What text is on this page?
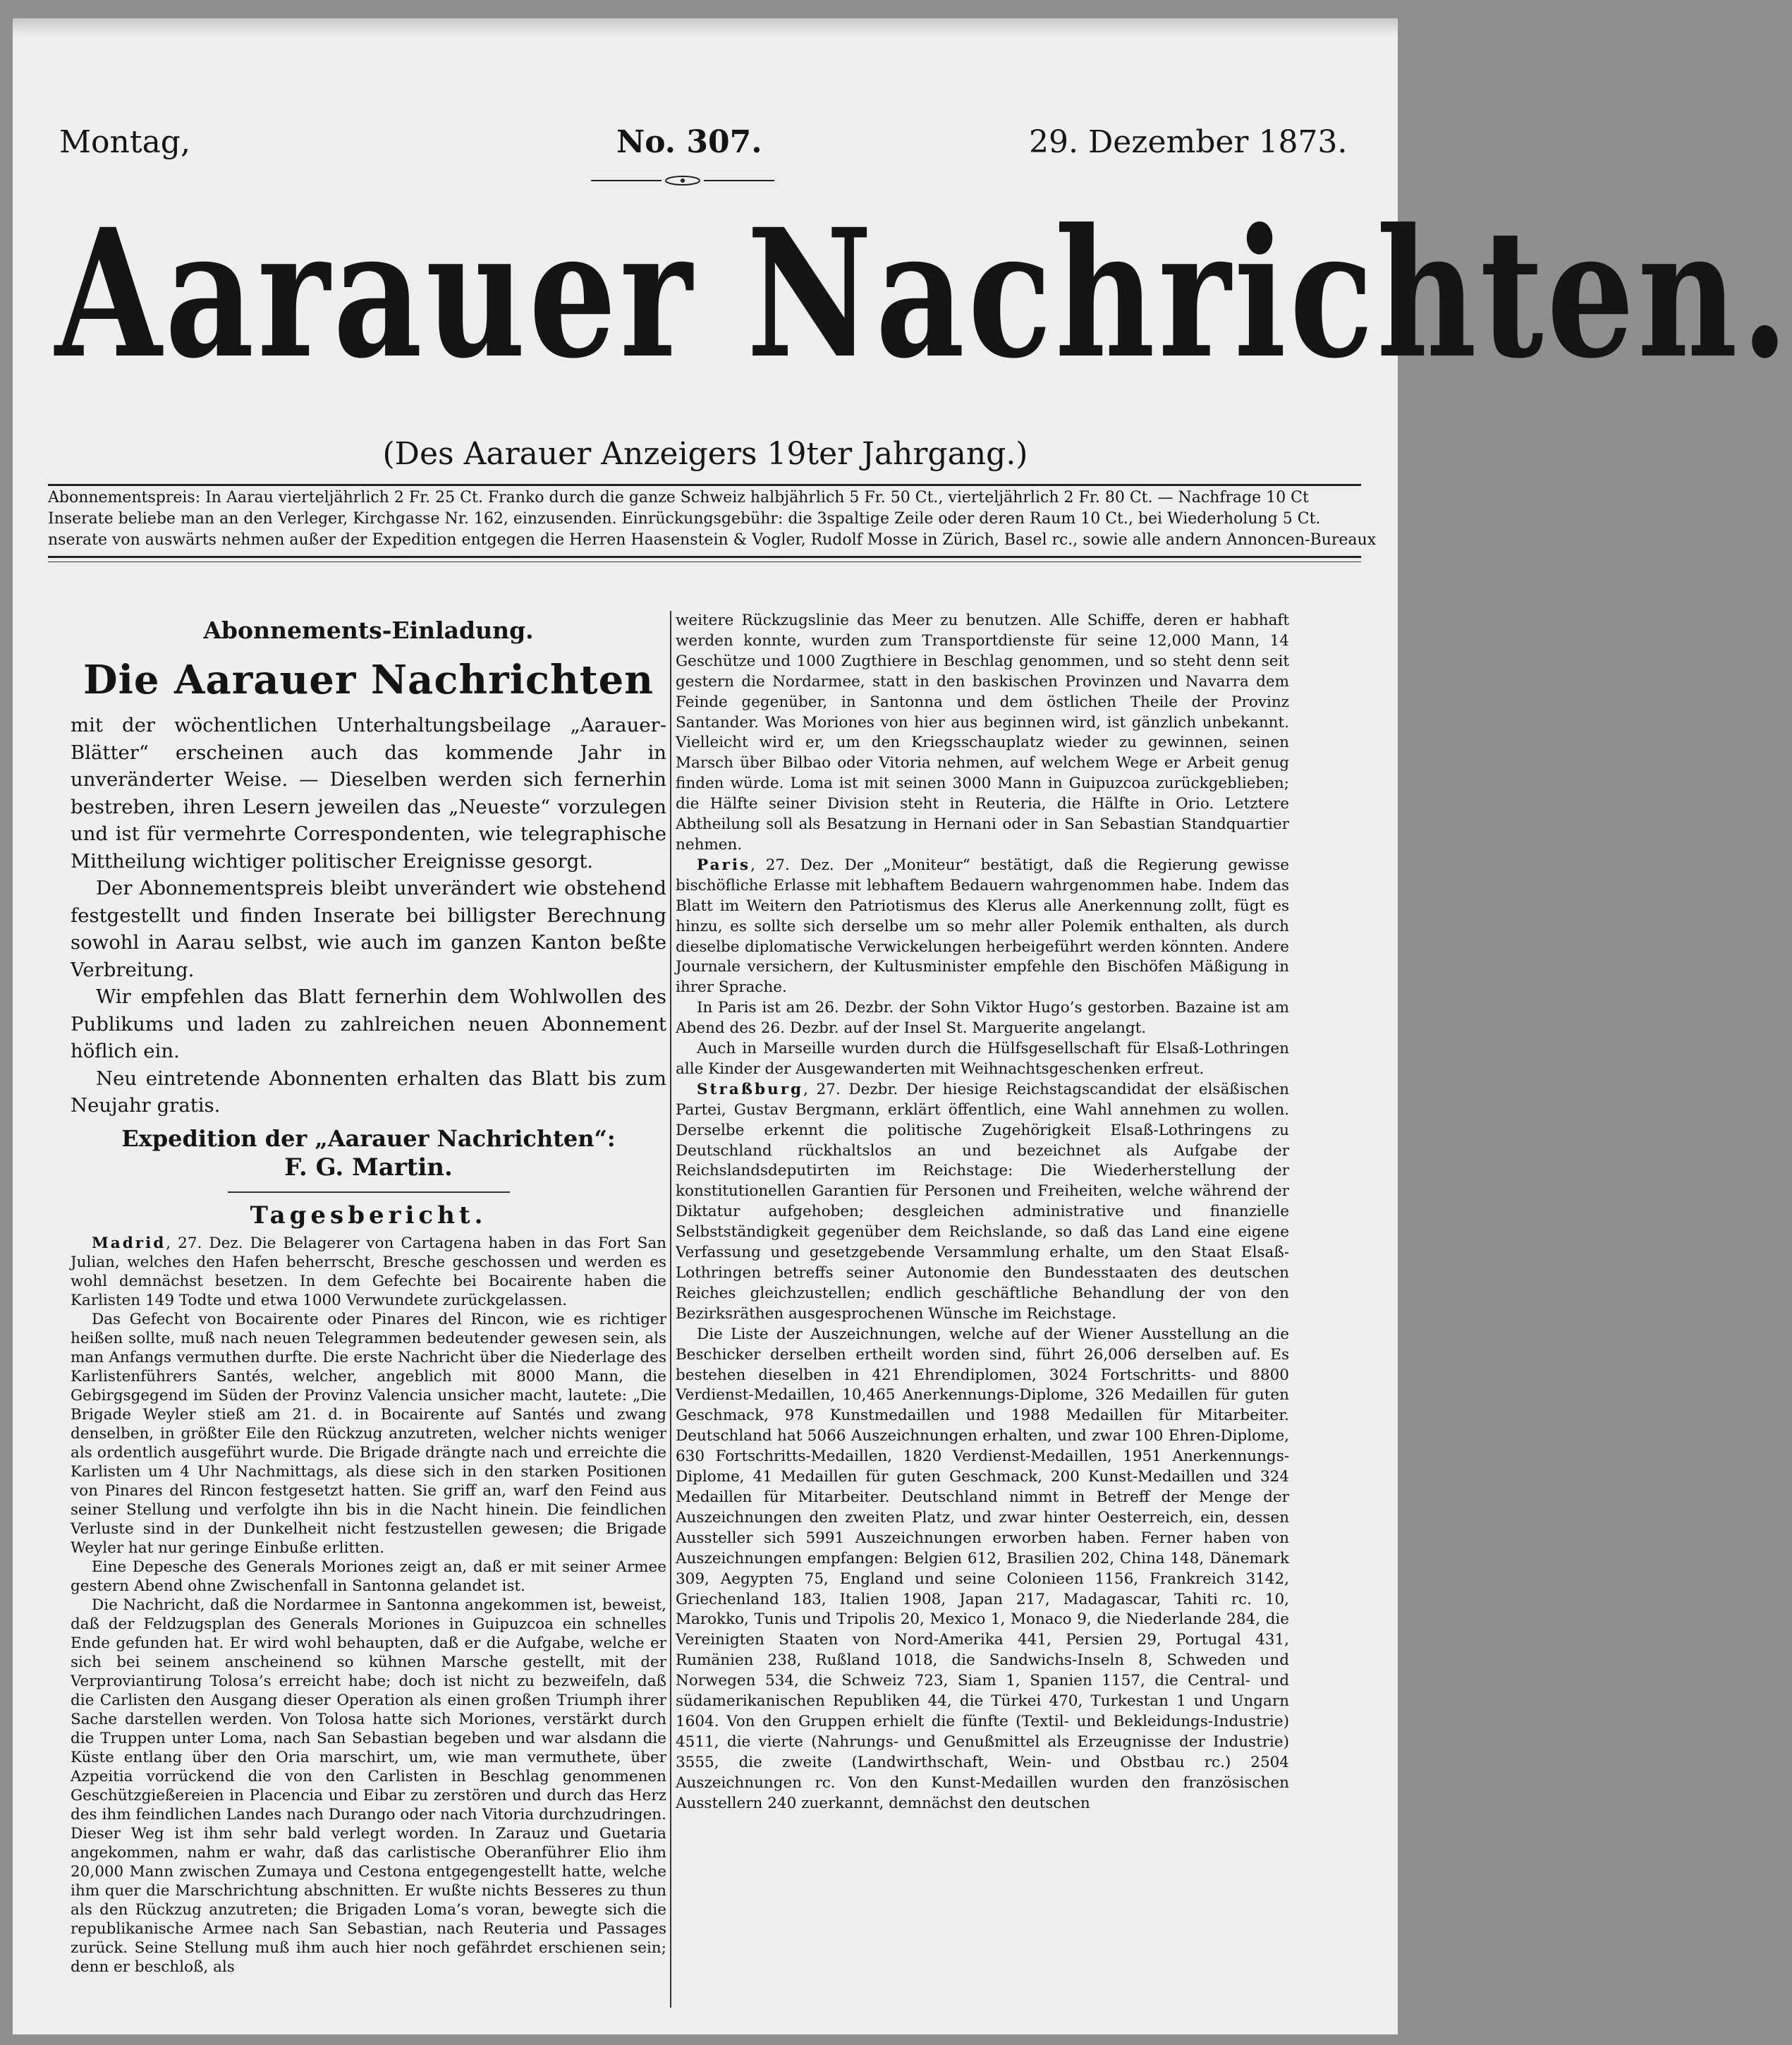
Montag,	No. 307.	29. Dezember 1873.
Aarauer Nachrichten.
(Des Aarauer Anzeigers 19ter Jahrgang.)
Abonnementspreis: In Aarau vierteljährlich 2 Fr. 25 Ct. Franko durch die ganze Schweiz halbjährlich 5 Fr. 50 Ct., vierteljährlich 2 Fr. 80 Ct. — Nachfrage 10 Ct
Inserate beliebe man an den Verleger, Kirchgasse Nr. 162, einzusenden. Einrückungsgebühr: die 3spaltige Zeile oder deren Raum 10 Ct., bei Wiederholung 5 Ct.
nserate von auswärts nehmen außer der Expedition entgegen die Herren Haasenstein & Vogler, Rudolf Mosse in Zürich, Basel rc., sowie alle andern Annoncen-Bureaux
Abonnements-Einladung.
Die Aarauer Nachrichten

mit der wöchentlichen Unterhaltungsbeilage „Aarauer-Blätter“ erscheinen auch das kommende Jahr in unveränderter Weise. — Dieselben werden sich fernerhin bestreben, ihren Lesern jeweilen das „Neueste“ vorzulegen und ist für vermehrte Correspondenten, wie telegraphische Mittheilung wichtiger politischer Ereignisse gesorgt.

Der Abonnementspreis bleibt unverändert wie obstehend festgestellt und finden Inserate bei billigster Berechnung sowohl in Aarau selbst, wie auch im ganzen Kanton beßte Verbreitung.

Wir empfehlen das Blatt fernerhin dem Wohlwollen des Publikums und laden zu zahlreichen neuen Abonnement höflich ein.

Neu eintretende Abonnenten erhalten das Blatt bis zum Neujahr gratis.

Expedition der „Aarauer Nachrichten“:
F. G. Martin.
Tagesbericht.

Madrid, 27. Dez. Die Belagerer von Cartagena haben in das Fort San Julian, welches den Hafen beherrscht, Bresche geschossen und werden es wohl demnächst besetzen. In dem Gefechte bei Bocairente haben die Karlisten 149 Todte und etwa 1000 Verwundete zurückgelassen.

Das Gefecht von Bocairente oder Pinares del Rincon, wie es richtiger heißen sollte, muß nach neuen Telegrammen bedeutender gewesen sein, als man Anfangs vermuthen durfte. Die erste Nachricht über die Niederlage des Karlistenführers Santés, welcher, angeblich mit 8000 Mann, die Gebirgsgegend im Süden der Provinz Valencia unsicher macht, lautete: „Die Brigade Weyler stieß am 21. d. in Bocairente auf Santés und zwang denselben, in größter Eile den Rückzug anzutreten, welcher nichts weniger als ordentlich ausgeführt wurde. Die Brigade drängte nach und erreichte die Karlisten um 4 Uhr Nachmittags, als diese sich in den starken Positionen von Pinares del Rincon festgesetzt hatten. Sie griff an, warf den Feind aus seiner Stellung und verfolgte ihn bis in die Nacht hinein. Die feindlichen Verluste sind in der Dunkelheit nicht festzustellen gewesen; die Brigade Weyler hat nur geringe Einbuße erlitten.

Eine Depesche des Generals Moriones zeigt an, daß er mit seiner Armee gestern Abend ohne Zwischenfall in Santonna gelandet ist.

Die Nachricht, daß die Nordarmee in Santonna angekommen ist, beweist, daß der Feldzugsplan des Generals Moriones in Guipuzcoa ein schnelles Ende gefunden hat. Er wird wohl behaupten, daß er die Aufgabe, welche er sich bei seinem anscheinend so kühnen Marsche gestellt, mit der Verproviantirung Tolosa’s erreicht habe; doch ist nicht zu bezweifeln, daß die Carlisten den Ausgang dieser Operation als einen großen Triumph ihrer Sache darstellen werden. Von Tolosa hatte sich Moriones, verstärkt durch die Truppen unter Loma, nach San Sebastian begeben und war alsdann die Küste entlang über den Oria marschirt, um, wie man vermuthete, über Azpeitia vorrückend die von den Carlisten in Beschlag genommenen Geschützgießereien in Placencia und Eibar zu zerstören und durch das Herz des ihm feindlichen Landes nach Durango oder nach Vitoria durchzudringen. Dieser Weg ist ihm sehr bald verlegt worden. In Zarauz und Guetaria angekommen, nahm er wahr, daß das carlistische Oberanführer Elio ihm 20,000 Mann zwischen Zumaya und Cestona entgegengestellt hatte, welche ihm quer die Marschrichtung abschnitten. Er wußte nichts Besseres zu thun als den Rückzug anzutreten; die Brigaden Loma’s voran, bewegte sich die republikanische Armee nach San Sebastian, nach Reuteria und Passages zurück. Seine Stellung muß ihm auch hier noch gefährdet erschienen sein; denn er beschloß, als

weitere Rückzugslinie das Meer zu benutzen. Alle Schiffe, deren er habhaft werden konnte, wurden zum Transportdienste für seine 12,000 Mann, 14 Geschütze und 1000 Zugthiere in Beschlag genommen, und so steht denn seit gestern die Nordarmee, statt in den baskischen Provinzen und Navarra dem Feinde gegenüber, in Santonna und dem östlichen Theile der Provinz Santander. Was Moriones von hier aus beginnen wird, ist gänzlich unbekannt. Vielleicht wird er, um den Kriegsschauplatz wieder zu gewinnen, seinen Marsch über Bilbao oder Vitoria nehmen, auf welchem Wege er Arbeit genug finden würde. Loma ist mit seinen 3000 Mann in Guipuzcoa zurückgeblieben; die Hälfte seiner Division steht in Reuteria, die Hälfte in Orio. Letztere Abtheilung soll als Besatzung in Hernani oder in San Sebastian Standquartier nehmen.

Paris, 27. Dez. Der „Moniteur“ bestätigt, daß die Regierung gewisse bischöfliche Erlasse mit lebhaftem Bedauern wahrgenommen habe. Indem das Blatt im Weitern den Patriotismus des Klerus alle Anerkennung zollt, fügt es hinzu, es sollte sich derselbe um so mehr aller Polemik enthalten, als durch dieselbe diplomatische Verwickelungen herbeigeführt werden könnten. Andere Journale versichern, der Kultusminister empfehle den Bischöfen Mäßigung in ihrer Sprache.

In Paris ist am 26. Dezbr. der Sohn Viktor Hugo’s gestorben. Bazaine ist am Abend des 26. Dezbr. auf der Insel St. Marguerite angelangt.

Auch in Marseille wurden durch die Hülfsgesellschaft für Elsaß-Lothringen alle Kinder der Ausgewanderten mit Weihnachtsgeschenken erfreut.

Straßburg, 27. Dezbr. Der hiesige Reichstagscandidat der elsäßischen Partei, Gustav Bergmann, erklärt öffentlich, eine Wahl annehmen zu wollen. Derselbe erkennt die politische Zugehörigkeit Elsaß-Lothringens zu Deutschland rückhaltslos an und bezeichnet als Aufgabe der Reichslandsdeputirten im Reichstage: Die Wiederherstellung der konstitutionellen Garantien für Personen und Freiheiten, welche während der Diktatur aufgehoben; desgleichen administrative und finanzielle Selbstständigkeit gegenüber dem Reichslande, so daß das Land eine eigene Verfassung und gesetzgebende Versammlung erhalte, um den Staat Elsaß-Lothringen betreffs seiner Autonomie den Bundesstaaten des deutschen Reiches gleichzustellen; endlich geschäftliche Behandlung der von den Bezirksräthen ausgesprochenen Wünsche im Reichstage.

Die Liste der Auszeichnungen, welche auf der Wiener Ausstellung an die Beschicker derselben ertheilt worden sind, führt 26,006 derselben auf. Es bestehen dieselben in 421 Ehrendiplomen, 3024 Fortschritts- und 8800 Verdienst-Medaillen, 10,465 Anerkennungs-Diplome, 326 Medaillen für guten Geschmack, 978 Kunstmedaillen und 1988 Medaillen für Mitarbeiter. Deutschland hat 5066 Auszeichnungen erhalten, und zwar 100 Ehren-Diplome, 630 Fortschritts-Medaillen, 1820 Verdienst-Medaillen, 1951 Anerkennungs-Diplome, 41 Medaillen für guten Geschmack, 200 Kunst-Medaillen und 324 Medaillen für Mitarbeiter. Deutschland nimmt in Betreff der Menge der Auszeichnungen den zweiten Platz, und zwar hinter Oesterreich, ein, dessen Aussteller sich 5991 Auszeichnungen erworben haben. Ferner haben von Auszeichnungen empfangen: Belgien 612, Brasilien 202, China 148, Dänemark 309, Aegypten 75, England und seine Colonieen 1156, Frankreich 3142, Griechenland 183, Italien 1908, Japan 217, Madagascar, Tahiti rc. 10, Marokko, Tunis und Tripolis 20, Mexico 1, Monaco 9, die Niederlande 284, die Vereinigten Staaten von Nord-Amerika 441, Persien 29, Portugal 431, Rumänien 238, Rußland 1018, die Sandwichs-Inseln 8, Schweden und Norwegen 534, die Schweiz 723, Siam 1, Spanien 1157, die Central- und südamerikanischen Republiken 44, die Türkei 470, Turkestan 1 und Ungarn 1604. Von den Gruppen erhielt die fünfte (Textil- und Bekleidungs-Industrie) 4511, die vierte (Nahrungs- und Genußmittel als Erzeugnisse der Industrie) 3555, die zweite (Landwirthschaft, Wein- und Obstbau rc.) 2504 Auszeichnungen rc. Von den Kunst-Medaillen wurden den französischen Ausstellern 240 zuerkannt, demnächst den deutschen
